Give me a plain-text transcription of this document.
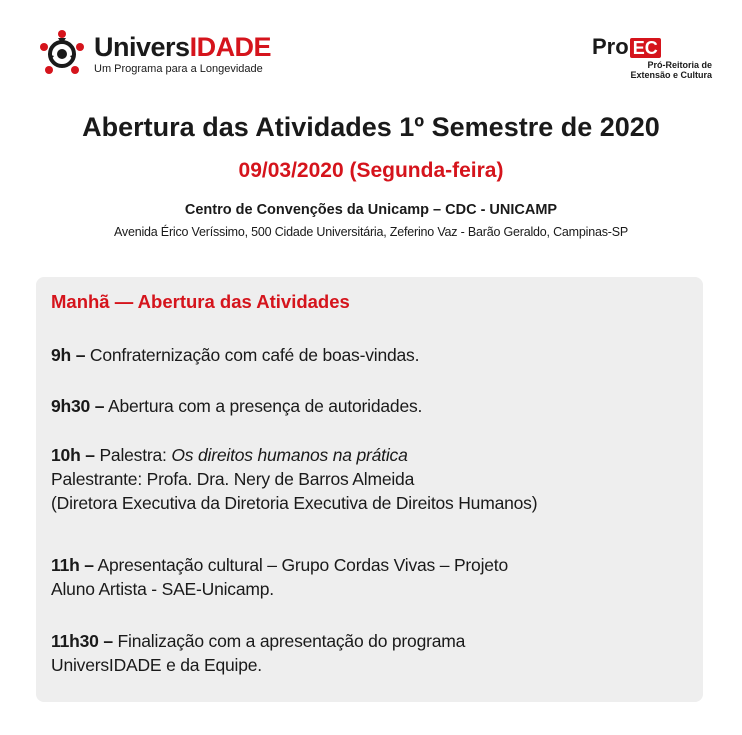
UniversIDADE
Um Programa para a Longevidade
Pro EC
Pró-Reitoria de
Extensão e Cultura
Abertura das Atividades 1º Semestre de 2020
09/03/2020 (Segunda-feira)
Centro de Convenções da Unicamp – CDC - UNICAMP
Avenida Érico Veríssimo, 500 Cidade Universitária, Zeferino Vaz - Barão Geraldo, Campinas-SP
Manhã — Abertura das Atividades
9h – Confraternização com café de boas-vindas.
9h30 – Abertura com a presença de autoridades.
10h – Palestra: Os direitos humanos na prática
Palestrante: Profa. Dra. Nery de Barros Almeida
(Diretora Executiva da Diretoria Executiva de Direitos Humanos)
11h – Apresentação cultural – Grupo Cordas Vivas – Projeto
Aluno Artista - SAE-Unicamp.
11h30 – Finalização com a apresentação do programa
UniversIDADE e da Equipe.
